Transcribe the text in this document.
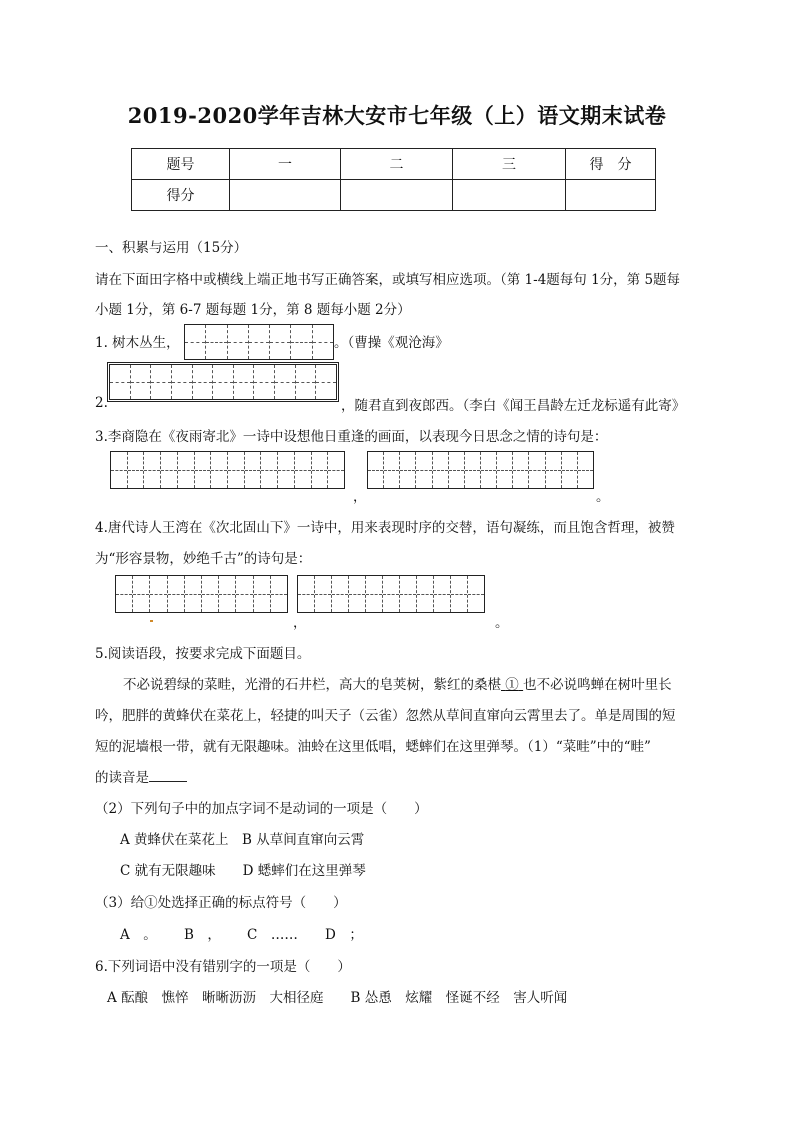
2019-2020学年吉林大安市七年级（上）语文期末试卷
题号	一	二	三	得　分
得分				
一、积累与运用（15分）
请在下面田字格中或横线上端正地书写正确答案，或填写相应选项。（第 1-4题每句 1分，第 5题每
小题 1分，第 6-7 题每题 1分，第 8 题每小题 2分）
1. 树木丛生，	。（曹操《观沧海》
2.	，随君直到夜郎西。（李白《闻王昌龄左迁龙标遥有此寄》
3.李商隐在《夜雨寄北》一诗中设想他日重逢的画面，以表现今日思念之情的诗句是：
，	。
4.唐代诗人王湾在《次北固山下》一诗中，用来表现时序的交替，语句凝练，而且饱含哲理，被赞
为“形容景物，妙绝千古”的诗句是：
，	。
5.阅读语段，按要求完成下面题目。
不必说碧绿的菜畦，光滑的石井栏，高大的皂荚树，紫红的桑椹 ① 也不必说鸣蝉在树叶里长
吟，肥胖的黄蜂伏在菜花上，轻捷的叫天子（云雀）忽然从草间直窜向云霄里去了。单是周围的短
短的泥墙根一带，就有无限趣味。油蛉在这里低唱，蟋蟀们在这里弹琴。（1）“菜畦”中的“畦”
的读音是
（2）下列句子中的加点字词不是动词的一项是（　　）
A 黄蜂伏在菜花上　B 从草间直窜向云霄
C 就有无限趣味　　D 蟋蟀们在这里弹琴
（3）给①处选择正确的标点符号（　　）
A　。 B　， C　…… D　；
6.下列词语中没有错别字的一项是（　　）
A 酝酿　憔悴　晰晰沥沥　大相径庭　　B 怂恿　炫耀　怪诞不经　害人听闻
